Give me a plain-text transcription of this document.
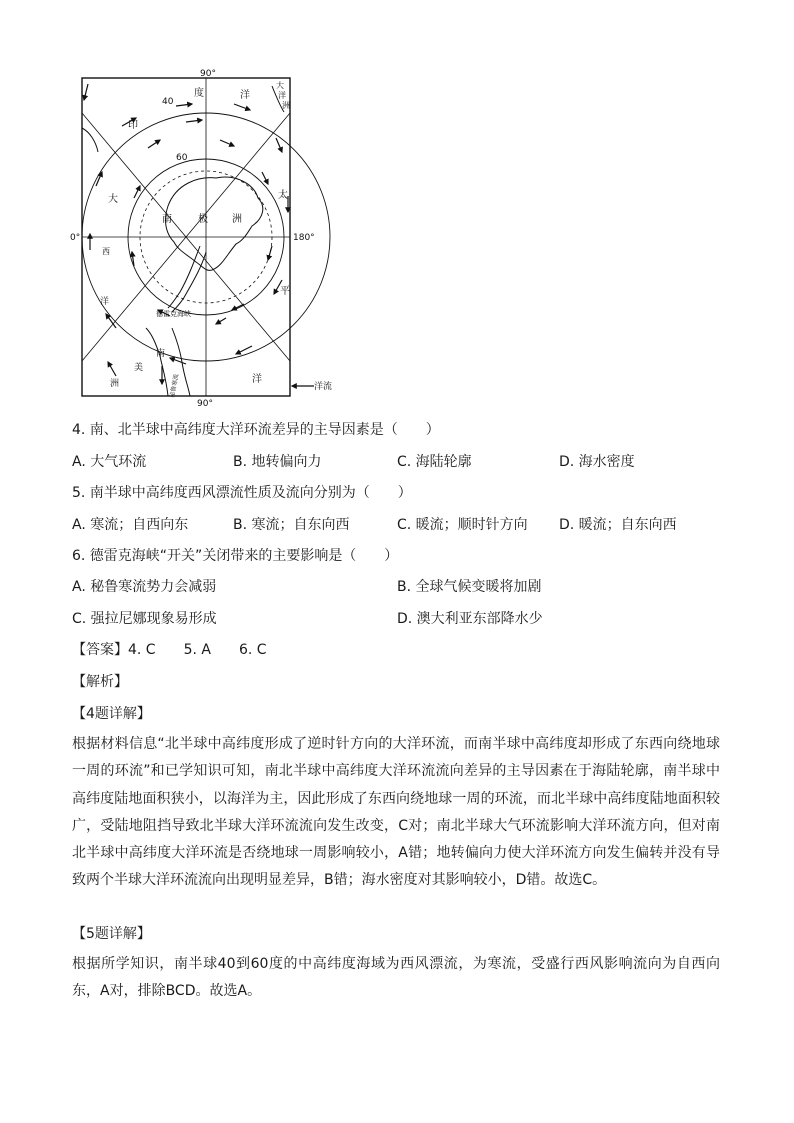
90°
90°
0°	180°
40
60
印
度	洋
大
洋
洲
大
西
洋
太
平
洋
南	极 洲
南
美
洲
德雷克海峡
秘鲁寒流	洋流
4. 南、北半球中高纬度大洋环流差异的主导因素是（　　）
A. 大气环流	B. 地转偏向力	C. 海陆轮廓	D. 海水密度
5. 南半球中高纬度西风漂流性质及流向分别为（　　）
A. 寒流；自西向东	B. 寒流；自东向西	C. 暖流；顺时针方向 D. 暖流；自东向西
6. 德雷克海峡“开关”关闭带来的主要影响是（　　）
A. 秘鲁寒流势力会减弱	B. 全球气候变暖将加剧
C. 强拉尼娜现象易形成	D. 澳大利亚东部降水少
【答案】4. C　　5. A　　6. C
【解析】
【4题详解】
根据材料信息“北半球中高纬度形成了逆时针方向的大洋环流，而南半球中高纬度却形成了东西向绕地球一周的环流”和已学知识可知，南北半球中高纬度大洋环流流向差异的主导因素在于海陆轮廓，南半球中高纬度陆地面积狭小，以海洋为主，因此形成了东西向绕地球一周的环流，而北半球中高纬度陆地面积较广，受陆地阻挡导致北半球大洋环流流向发生改变，C对；南北半球大气环流影响大洋环流方向，但对南北半球中高纬度大洋环流是否绕地球一周影响较小，A错；地转偏向力使大洋环流方向发生偏转并没有导致两个半球大洋环流流向出现明显差异，B错；海水密度对其影响较小，D错。故选C。
【5题详解】
根据所学知识，南半球40到60度的中高纬度海域为西风漂流，为寒流，受盛行西风影响流向为自西向东，A对，排除BCD。故选A。
